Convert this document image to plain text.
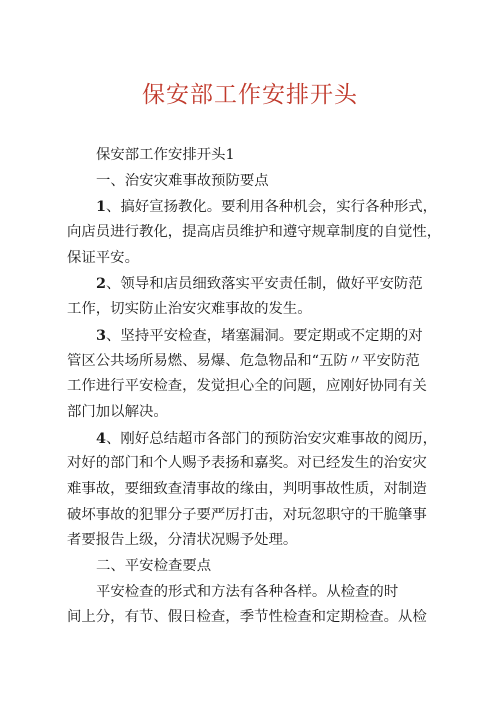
保安部工作安排开头
保安部工作安排开头1
一、治安灾难事故预防要点
1、搞好宣扬教化。要利用各种机会，实行各种形式，
向店员进行教化，提高店员维护和遵守规章制度的自觉性，
保证平安。
2、领导和店员细致落实平安责任制，做好平安防范
工作，切实防止治安灾难事故的发生。
3、坚持平安检查，堵塞漏洞。要定期或不定期的对
管区公共场所易燃、易爆、危急物品和“五防〃平安防范
工作进行平安检查，发觉担心全的问题，应刚好协同有关
部门加以解决。
4、刚好总结超市各部门的预防治安灾难事故的阅历，
对好的部门和个人赐予表扬和嘉奖。对已经发生的治安灾
难事故，要细致查清事故的缘由，判明事故性质，对制造
破坏事故的犯罪分子要严厉打击，对玩忽职守的干脆肇事
者要报告上级，分清状况赐予处理。
二、平安检查要点
平安检查的形式和方法有各种各样。从检查的时
间上分，有节、假日检查，季节性检查和定期检查。从检
